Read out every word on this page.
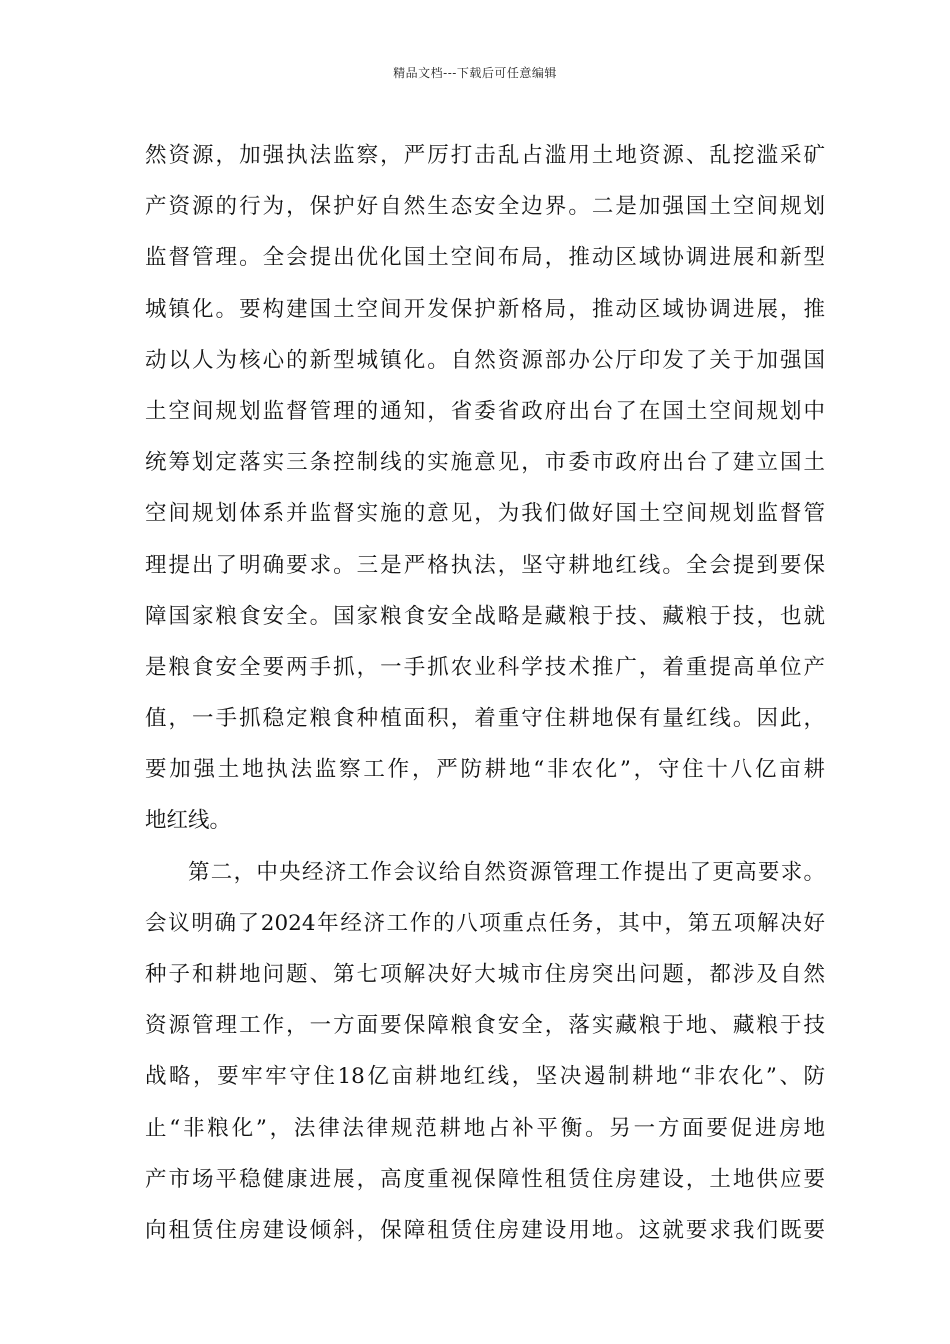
精品文档---下载后可任意编辑
然资源，加强执法监察，严厉打击乱占滥用土地资源、乱挖滥采矿
产资源的行为，保护好自然生态安全边界。二是加强国土空间规划
监督管理。全会提出优化国土空间布局，推动区域协调进展和新型
城镇化。要构建国土空间开发保护新格局，推动区域协调进展，推
动以人为核心的新型城镇化。自然资源部办公厅印发了关于加强国
土空间规划监督管理的通知，省委省政府出台了在国土空间规划中
统筹划定落实三条控制线的实施意见，市委市政府出台了建立国土
空间规划体系并监督实施的意见，为我们做好国土空间规划监督管
理提出了明确要求。三是严格执法，坚守耕地红线。全会提到要保
障国家粮食安全。国家粮食安全战略是藏粮于技、藏粮于技，也就
是粮食安全要两手抓，一手抓农业科学技术推广，着重提高单位产
值，一手抓稳定粮食种植面积，着重守住耕地保有量红线。因此，
要加强土地执法监察工作，严防耕地“非农化”，守住十八亿亩耕
地红线。
第二，中央经济工作会议给自然资源管理工作提出了更高要求。
会议明确了2024年经济工作的八项重点任务，其中，第五项解决好
种子和耕地问题、第七项解决好大城市住房突出问题，都涉及自然
资源管理工作，一方面要保障粮食安全，落实藏粮于地、藏粮于技
战略，要牢牢守住18亿亩耕地红线，坚决遏制耕地“非农化”、防
止“非粮化”，法律法律规范耕地占补平衡。另一方面要促进房地
产市场平稳健康进展，高度重视保障性租赁住房建设，土地供应要
向租赁住房建设倾斜，保障租赁住房建设用地。这就要求我们既要
